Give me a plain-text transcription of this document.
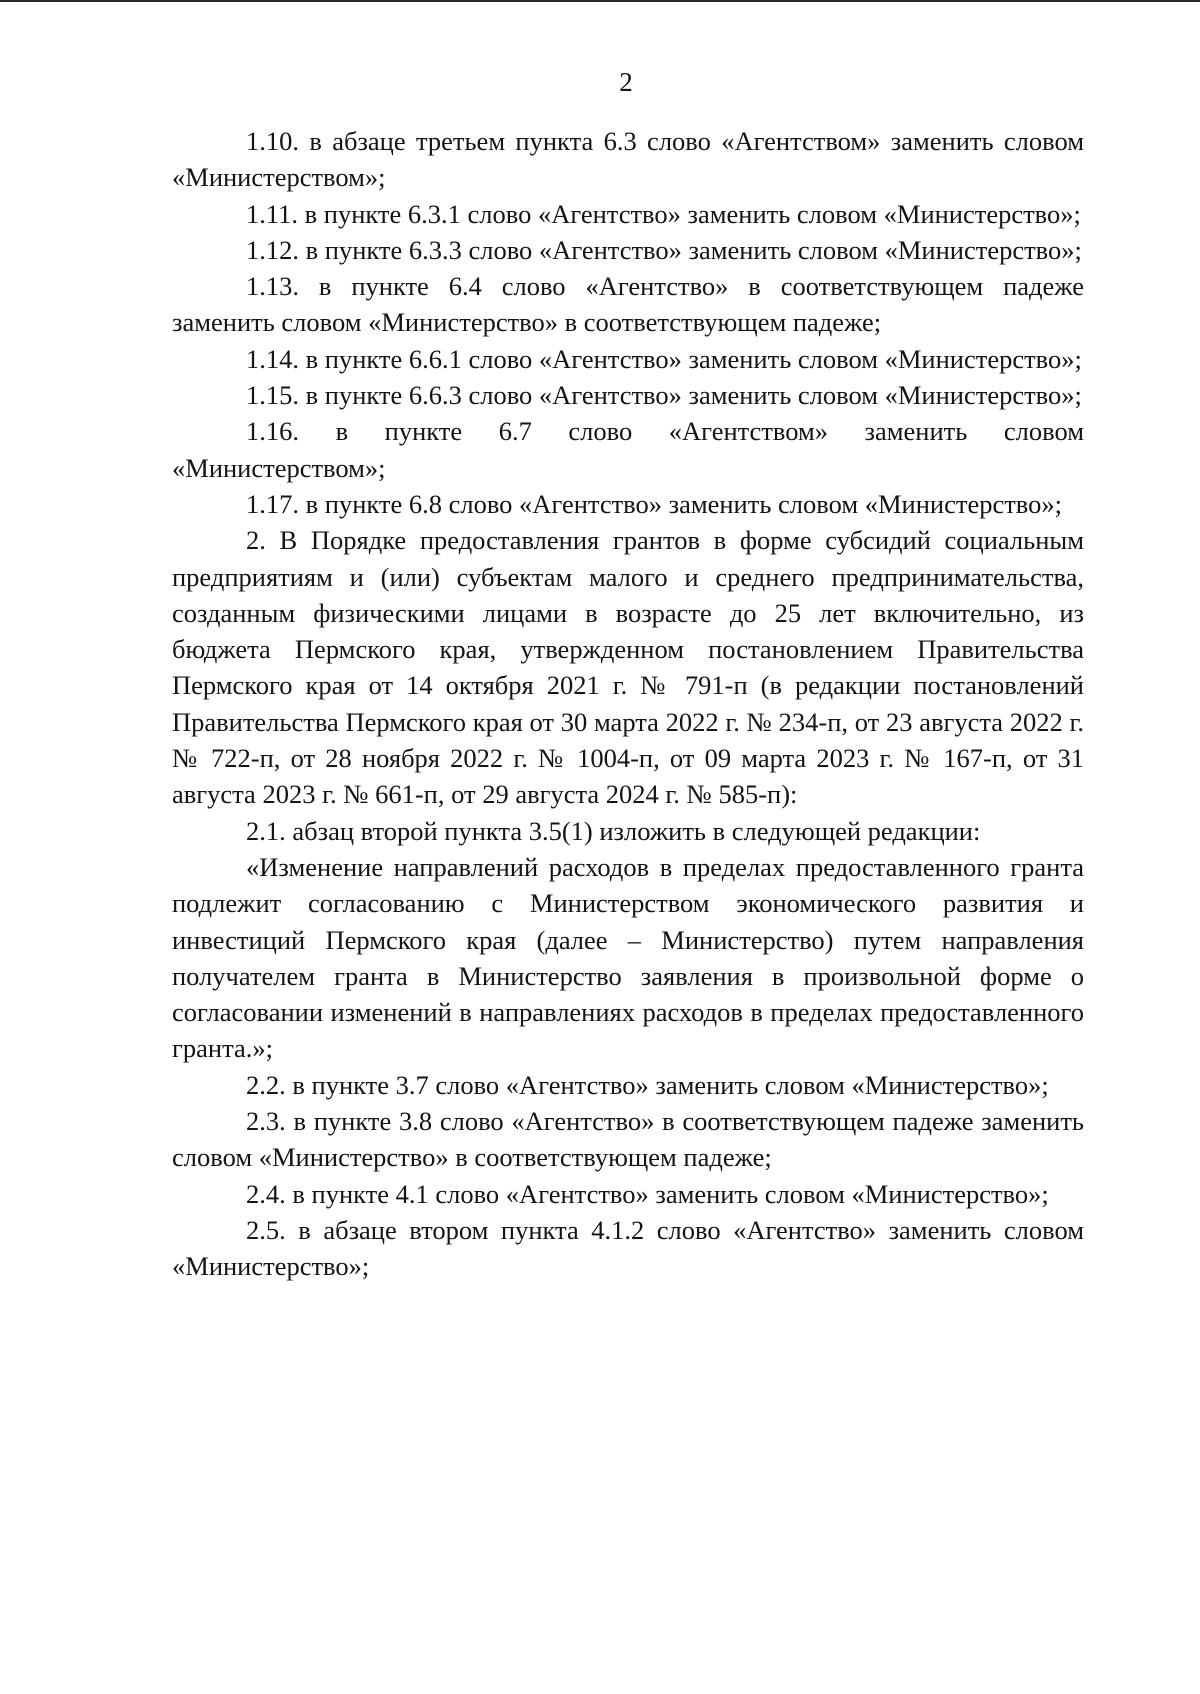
2

1.10. в абзаце третьем пункта 6.3 слово «Агентством» заменить словом «Министерством»;

1.11. в пункте 6.3.1 слово «Агентство» заменить словом «Министерство»;

1.12. в пункте 6.3.3 слово «Агентство» заменить словом «Министерство»;

1.13. в пункте 6.4 слово «Агентство» в соответствующем падеже заменить словом «Министерство» в соответствующем падеже;

1.14. в пункте 6.6.1 слово «Агентство» заменить словом «Министерство»;

1.15. в пункте 6.6.3 слово «Агентство» заменить словом «Министерство»;

1.16. в пункте 6.7 слово «Агентством» заменить словом «Министерством»;

1.17. в пункте 6.8 слово «Агентство» заменить словом «Министерство»;

2. В Порядке предоставления грантов в форме субсидий социальным предприятиям и (или) субъектам малого и среднего предпринимательства, созданным физическими лицами в возрасте до 25 лет включительно, из бюджета Пермского края, утвержденном постановлением Правительства Пермского края от 14 октября 2021 г. № 791-п (в редакции постановлений Правительства Пермского края от 30 марта 2022 г. № 234-п, от 23 августа 2022 г. № 722-п, от 28 ноября 2022 г. № 1004-п, от 09 марта 2023 г. № 167-п, от 31 августа 2023 г. № 661-п, от 29 августа 2024 г. № 585-п):

2.1. абзац второй пункта 3.5(1) изложить в следующей редакции:

«Изменение направлений расходов в пределах предоставленного гранта подлежит согласованию с Министерством экономического развития и инвестиций Пермского края (далее – Министерство) путем направления получателем гранта в Министерство заявления в произвольной форме о согласовании изменений в направлениях расходов в пределах предоставленного гранта.»;

2.2. в пункте 3.7 слово «Агентство» заменить словом «Министерство»;

2.3. в пункте 3.8 слово «Агентство» в соответствующем падеже заменить словом «Министерство» в соответствующем падеже;

2.4. в пункте 4.1 слово «Агентство» заменить словом «Министерство»;

2.5. в абзаце втором пункта 4.1.2 слово «Агентство» заменить словом «Министерство»;
